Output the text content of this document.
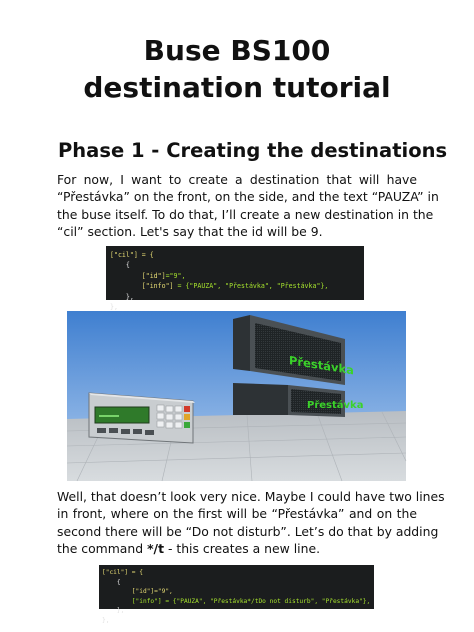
Buse BS100
destination tutorial
Phase 1 - Creating the destinations

For now, I want to create a destination that will have
“Přestávka” on the front, on the side, and the text “PAUZA” in
the buse itself. To do that, I’ll create a new destination in the
“cil” section. Let's say that the id will be 9.

["cil"] = {
{
["id"]="9",
["info"] = {"PAUZA", "Přestávka", "Přestávka"},
},
},
Přestávka
Přestávka

Well, that doesn’t look very nice. Maybe I could have two lines
in front, where on the first will be “Přestávka” and on the
second there will be “Do not disturb”. Let’s do that by adding
the command */t - this creates a new line.

["cil"] = {
{
["id"]="9",
["info"] = {"PAUZA", "Přestávka*/tDo not disturb", "Přestávka"},
},
},
